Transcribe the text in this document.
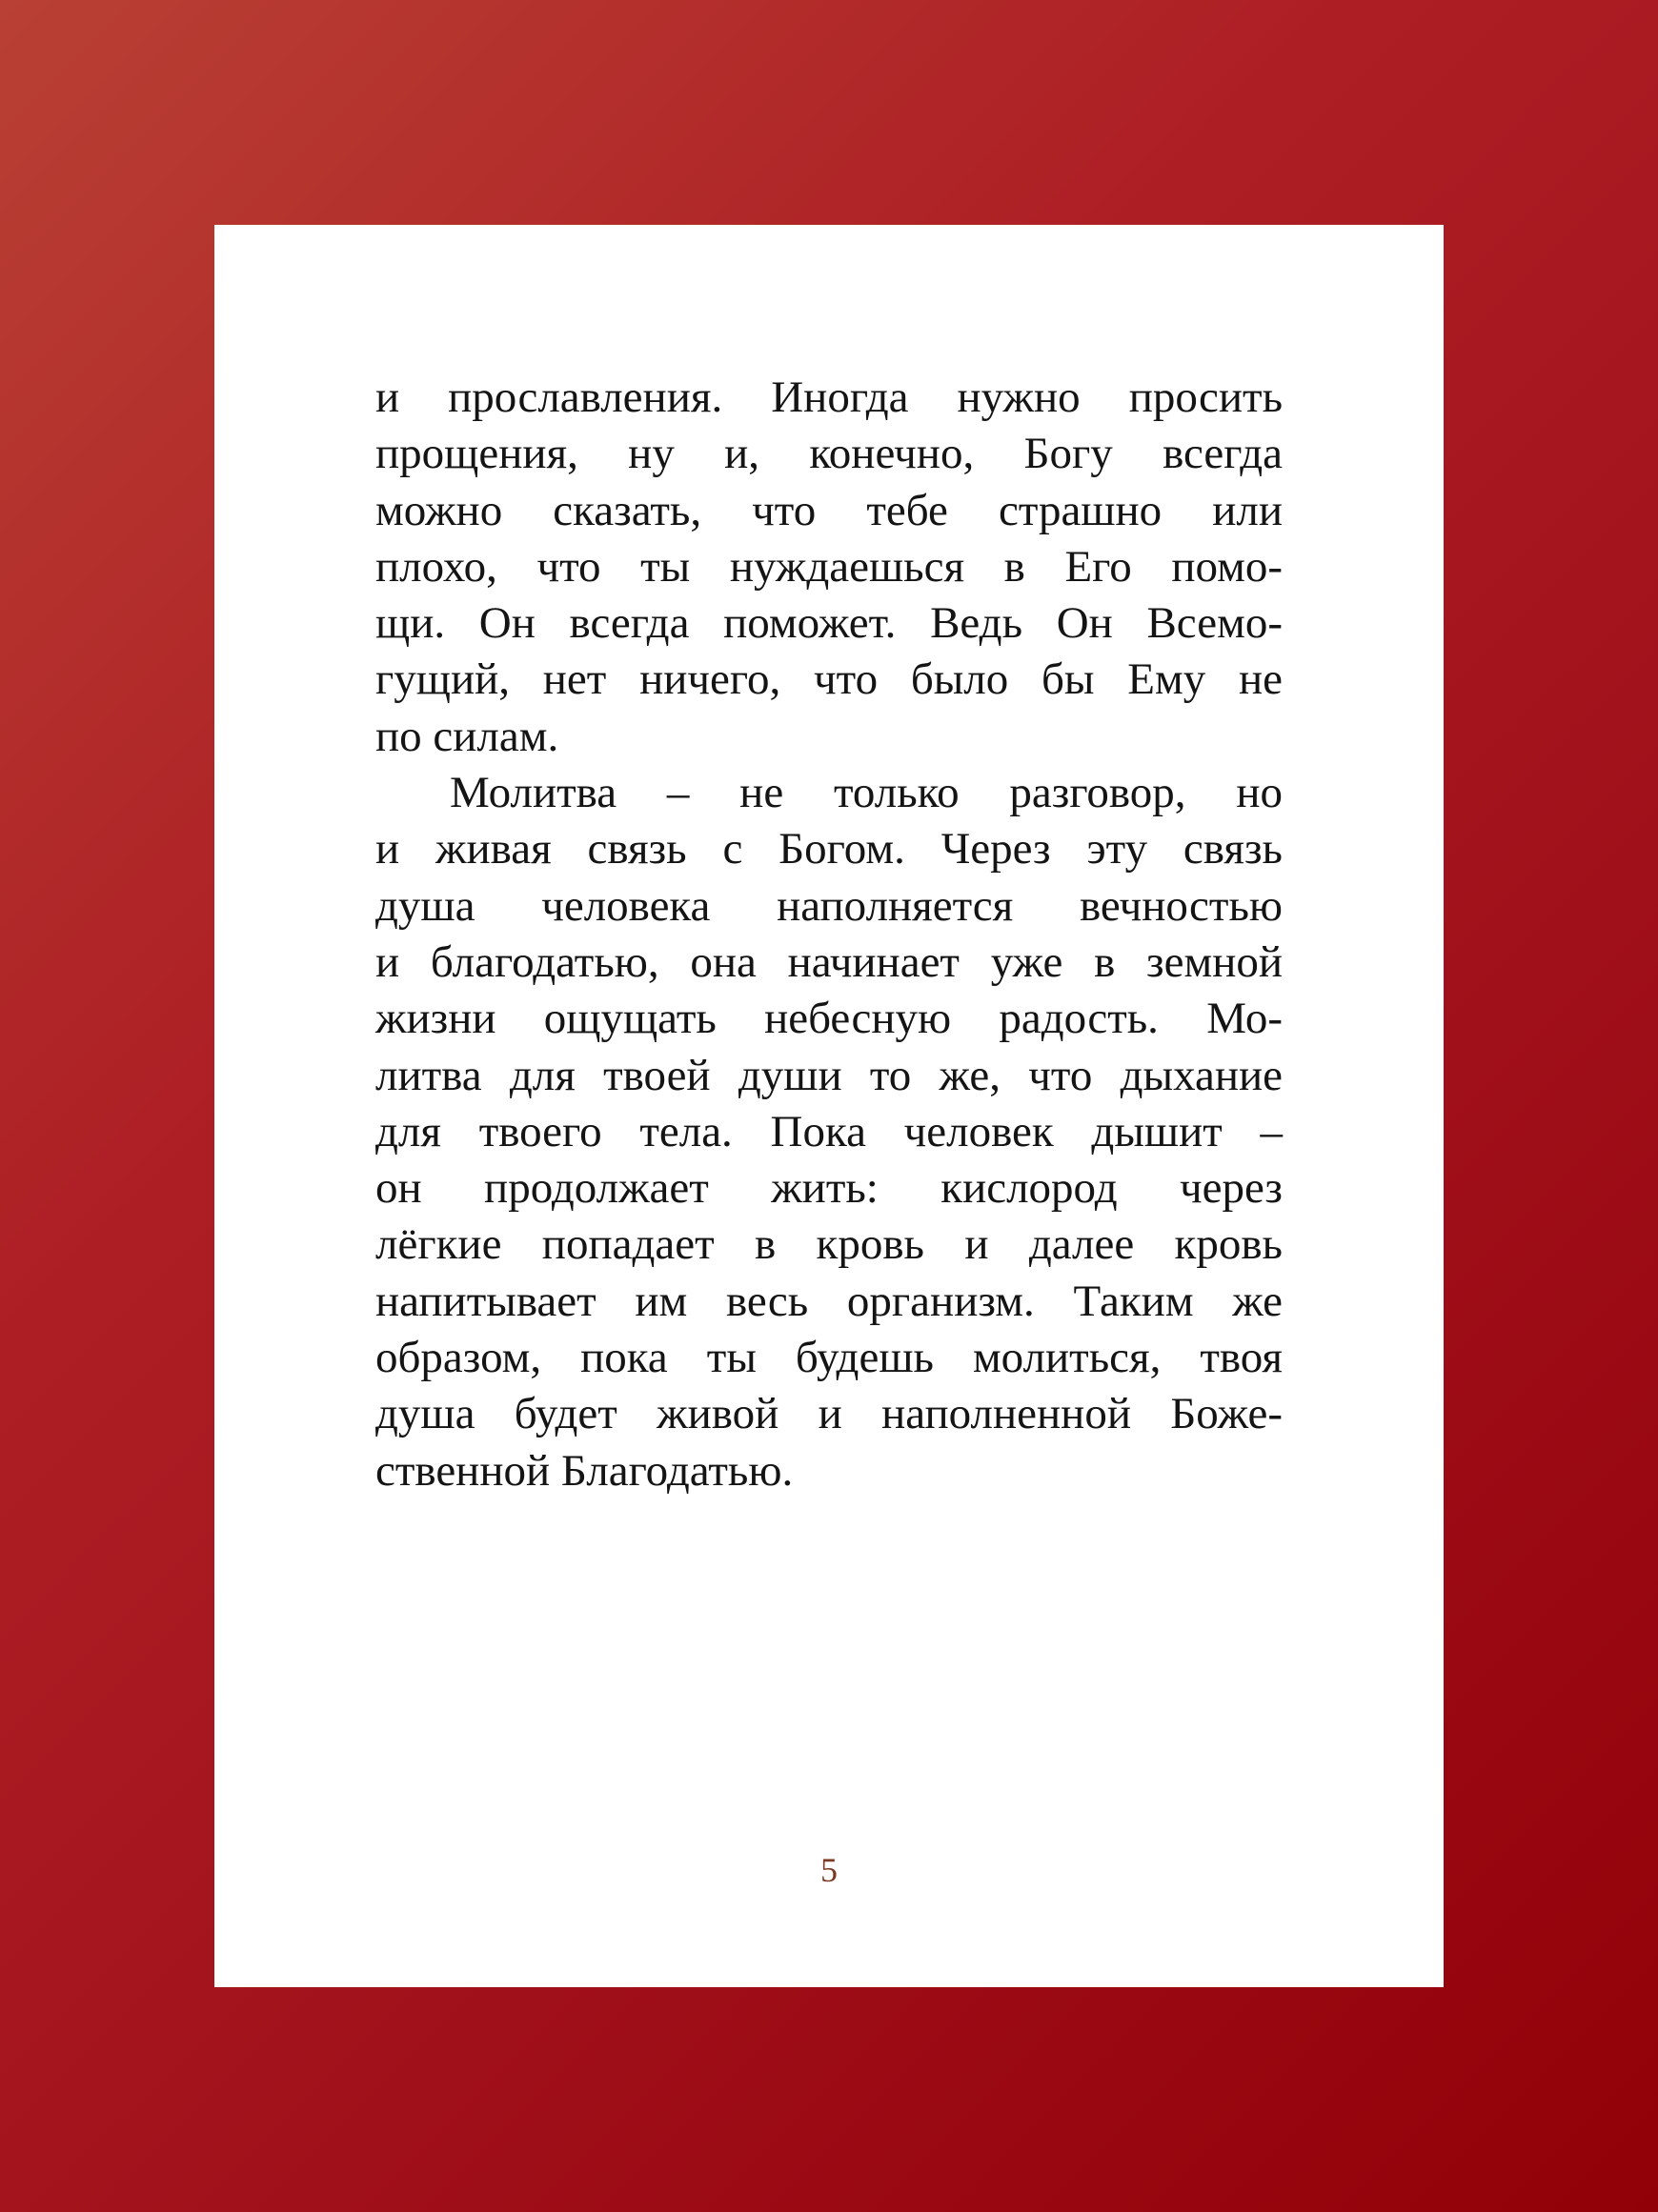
и прославления. Иногда нужно просить
прощения, ну и, конечно, Богу всегда
можно сказать, что тебе страшно или
плохо, что ты нуждаешься в Его помо-
щи. Он всегда поможет. Ведь Он Всемо-
гущий, нет ничего, что было бы Ему не
по силам.
Молитва – не только разговор, но
и живая связь с Богом. Через эту связь
душа человека наполняется вечностью
и благодатью, она начинает уже в земной
жизни ощущать небесную радость. Мо-
литва для твоей души то же, что дыхание
для твоего тела. Пока человек дышит –
он продолжает жить: кислород через
лёгкие попадает в кровь и далее кровь
напитывает им весь организм. Таким же
образом, пока ты будешь молиться, твоя
душа будет живой и наполненной Боже-
ственной Благодатью.
5
